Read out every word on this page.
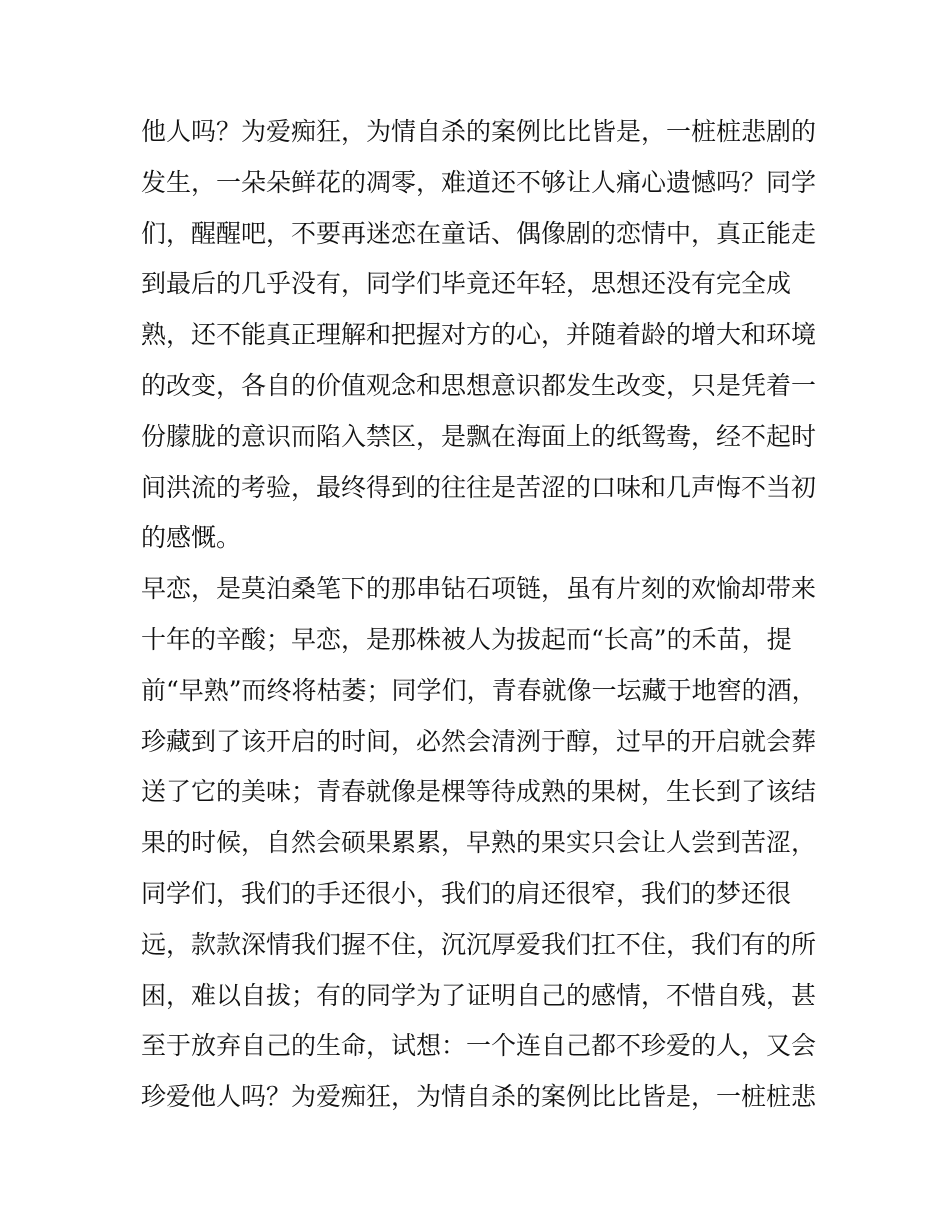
他人吗？为爱痴狂，为情自杀的案例比比皆是，一桩桩悲剧的
发生，一朵朵鲜花的凋零，难道还不够让人痛心遗憾吗？同学
们，醒醒吧，不要再迷恋在童话、偶像剧的恋情中，真正能走
到最后的几乎没有，同学们毕竟还年轻，思想还没有完全成
熟，还不能真正理解和把握对方的心，并随着龄的增大和环境
的改变，各自的价值观念和思想意识都发生改变，只是凭着一
份朦胧的意识而陷入禁区，是飘在海面上的纸鸳鸯，经不起时
间洪流的考验，最终得到的往往是苦涩的口味和几声悔不当初
的感慨。
早恋，是莫泊桑笔下的那串钻石项链，虽有片刻的欢愉却带来
十年的辛酸；早恋，是那株被人为拔起而“长高”的禾苗，提
前“早熟”而终将枯萎；同学们，青春就像一坛藏于地窖的酒，
珍藏到了该开启的时间，必然会清洌于醇，过早的开启就会葬
送了它的美味；青春就像是棵等待成熟的果树，生长到了该结
果的时候，自然会硕果累累，早熟的果实只会让人尝到苦涩，
同学们，我们的手还很小，我们的肩还很窄，我们的梦还很
远，款款深情我们握不住，沉沉厚爱我们扛不住，我们有的所
困，难以自拔；有的同学为了证明自己的感情，不惜自残，甚
至于放弃自己的生命，试想：一个连自己都不珍爱的人，又会
珍爱他人吗？为爱痴狂，为情自杀的案例比比皆是，一桩桩悲
